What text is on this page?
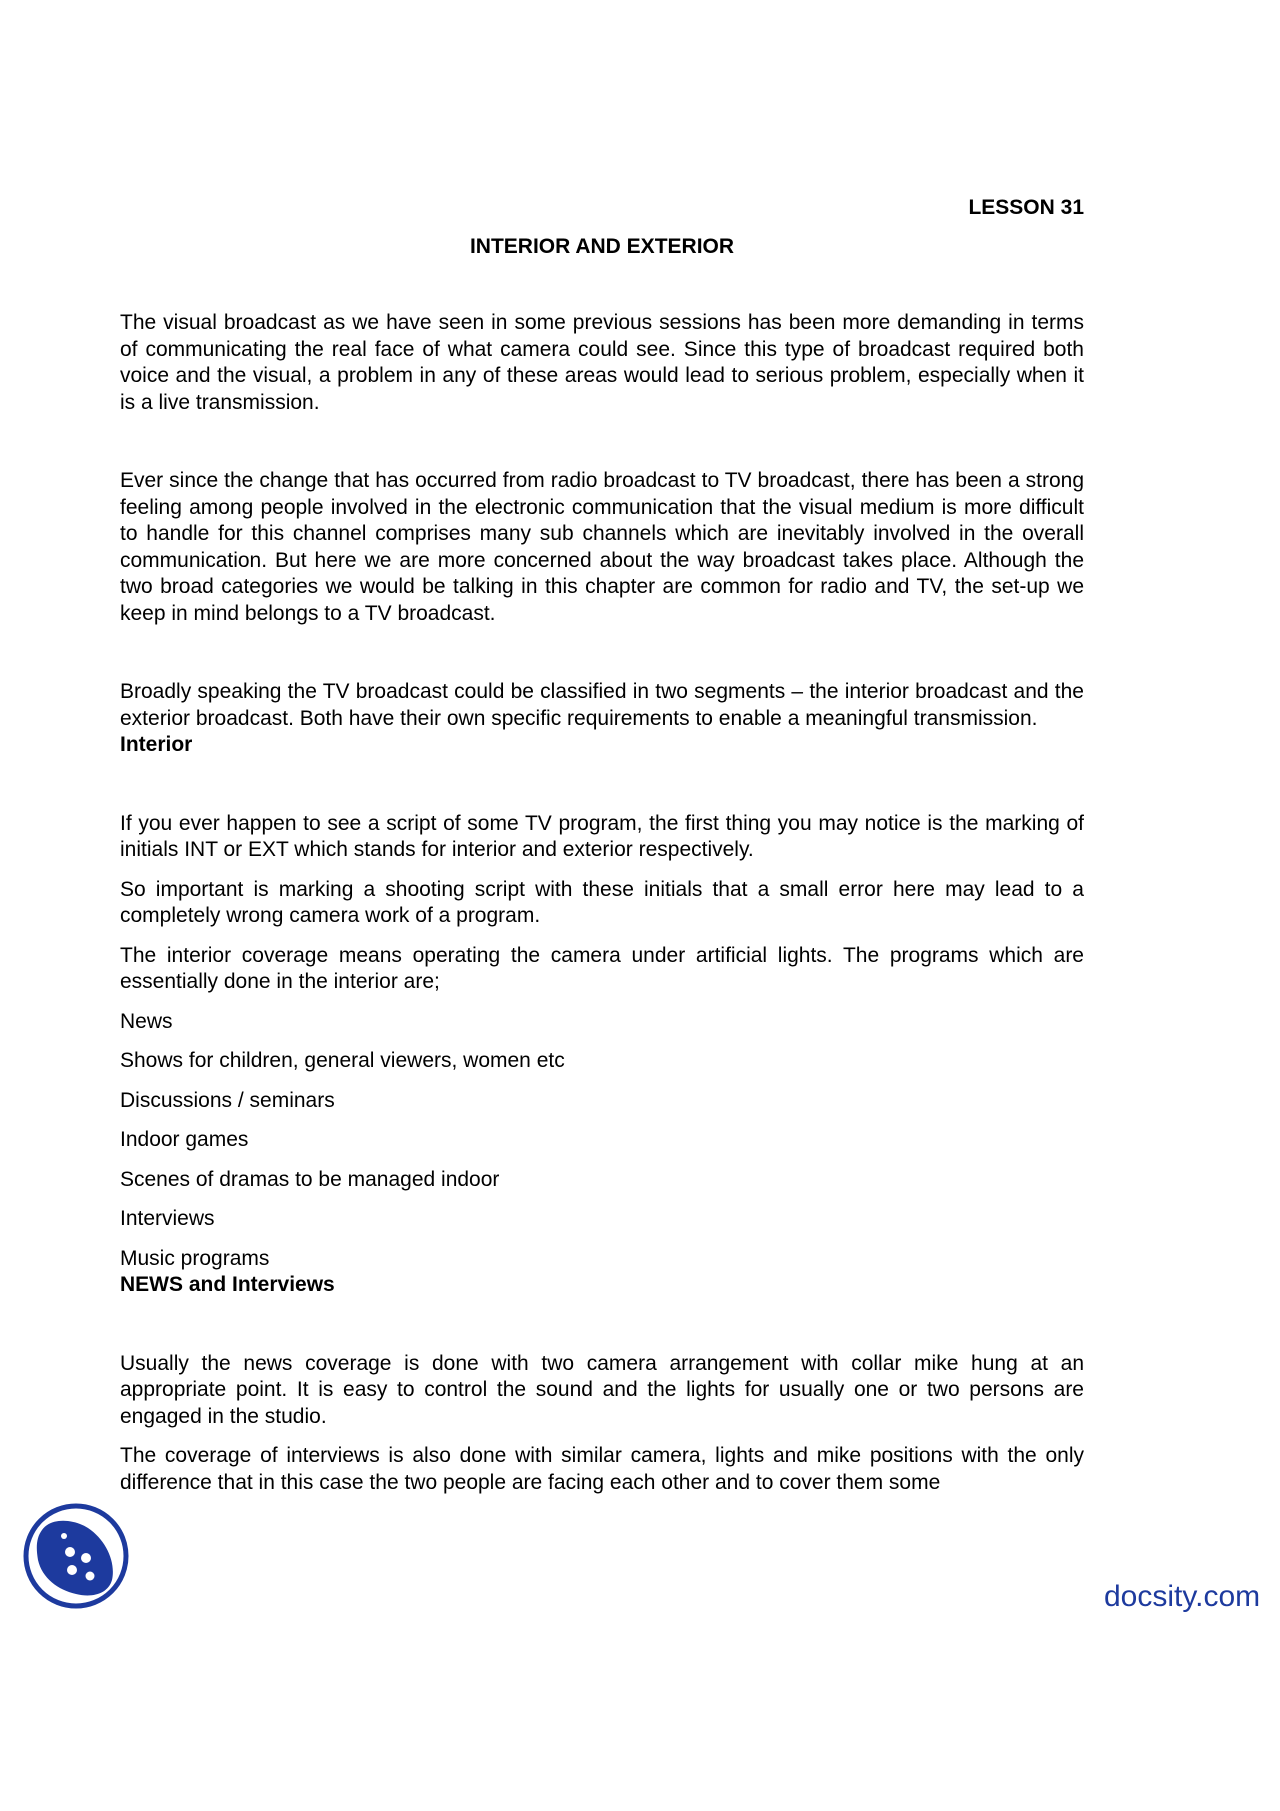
LESSON 31

INTERIOR AND EXTERIOR

The visual broadcast as we have seen in some previous sessions has been more demanding in terms of communicating the real face of what camera could see. Since this type of broadcast required both voice and the visual, a problem in any of these areas would lead to serious problem, especially when it is a live transmission.

Ever since the change that has occurred from radio broadcast to TV broadcast, there has been a strong feeling among people involved in the electronic communication that the visual medium is more difficult to handle for this channel comprises many sub channels which are inevitably involved in the overall communication. But here we are more concerned about the way broadcast takes place. Although the two broad categories we would be talking in this chapter are common for radio and TV, the set-up we keep in mind belongs to a TV broadcast.

Broadly speaking the TV broadcast could be classified in two segments – the interior broadcast and the exterior broadcast. Both have their own specific requirements to enable a meaningful transmission.

Interior

If you ever happen to see a script of some TV program, the first thing you may notice is the marking of initials INT or EXT which stands for interior and exterior respectively.

So important is marking a shooting script with these initials that a small error here may lead to a completely wrong camera work of a program.

The interior coverage means operating the camera under artificial lights. The programs which are essentially done in the interior are;

News

Shows for children, general viewers, women etc

Discussions / seminars

Indoor games

Scenes of dramas to be managed indoor

Interviews

Music programs

NEWS and Interviews

Usually the news coverage is done with two camera arrangement with collar mike hung at an appropriate point. It is easy to control the sound and the lights for usually one or two persons are engaged in the studio.

The coverage of interviews is also done with similar camera, lights and mike positions with the only difference that in this case the two people are facing each other and to cover them some

docsity.com
